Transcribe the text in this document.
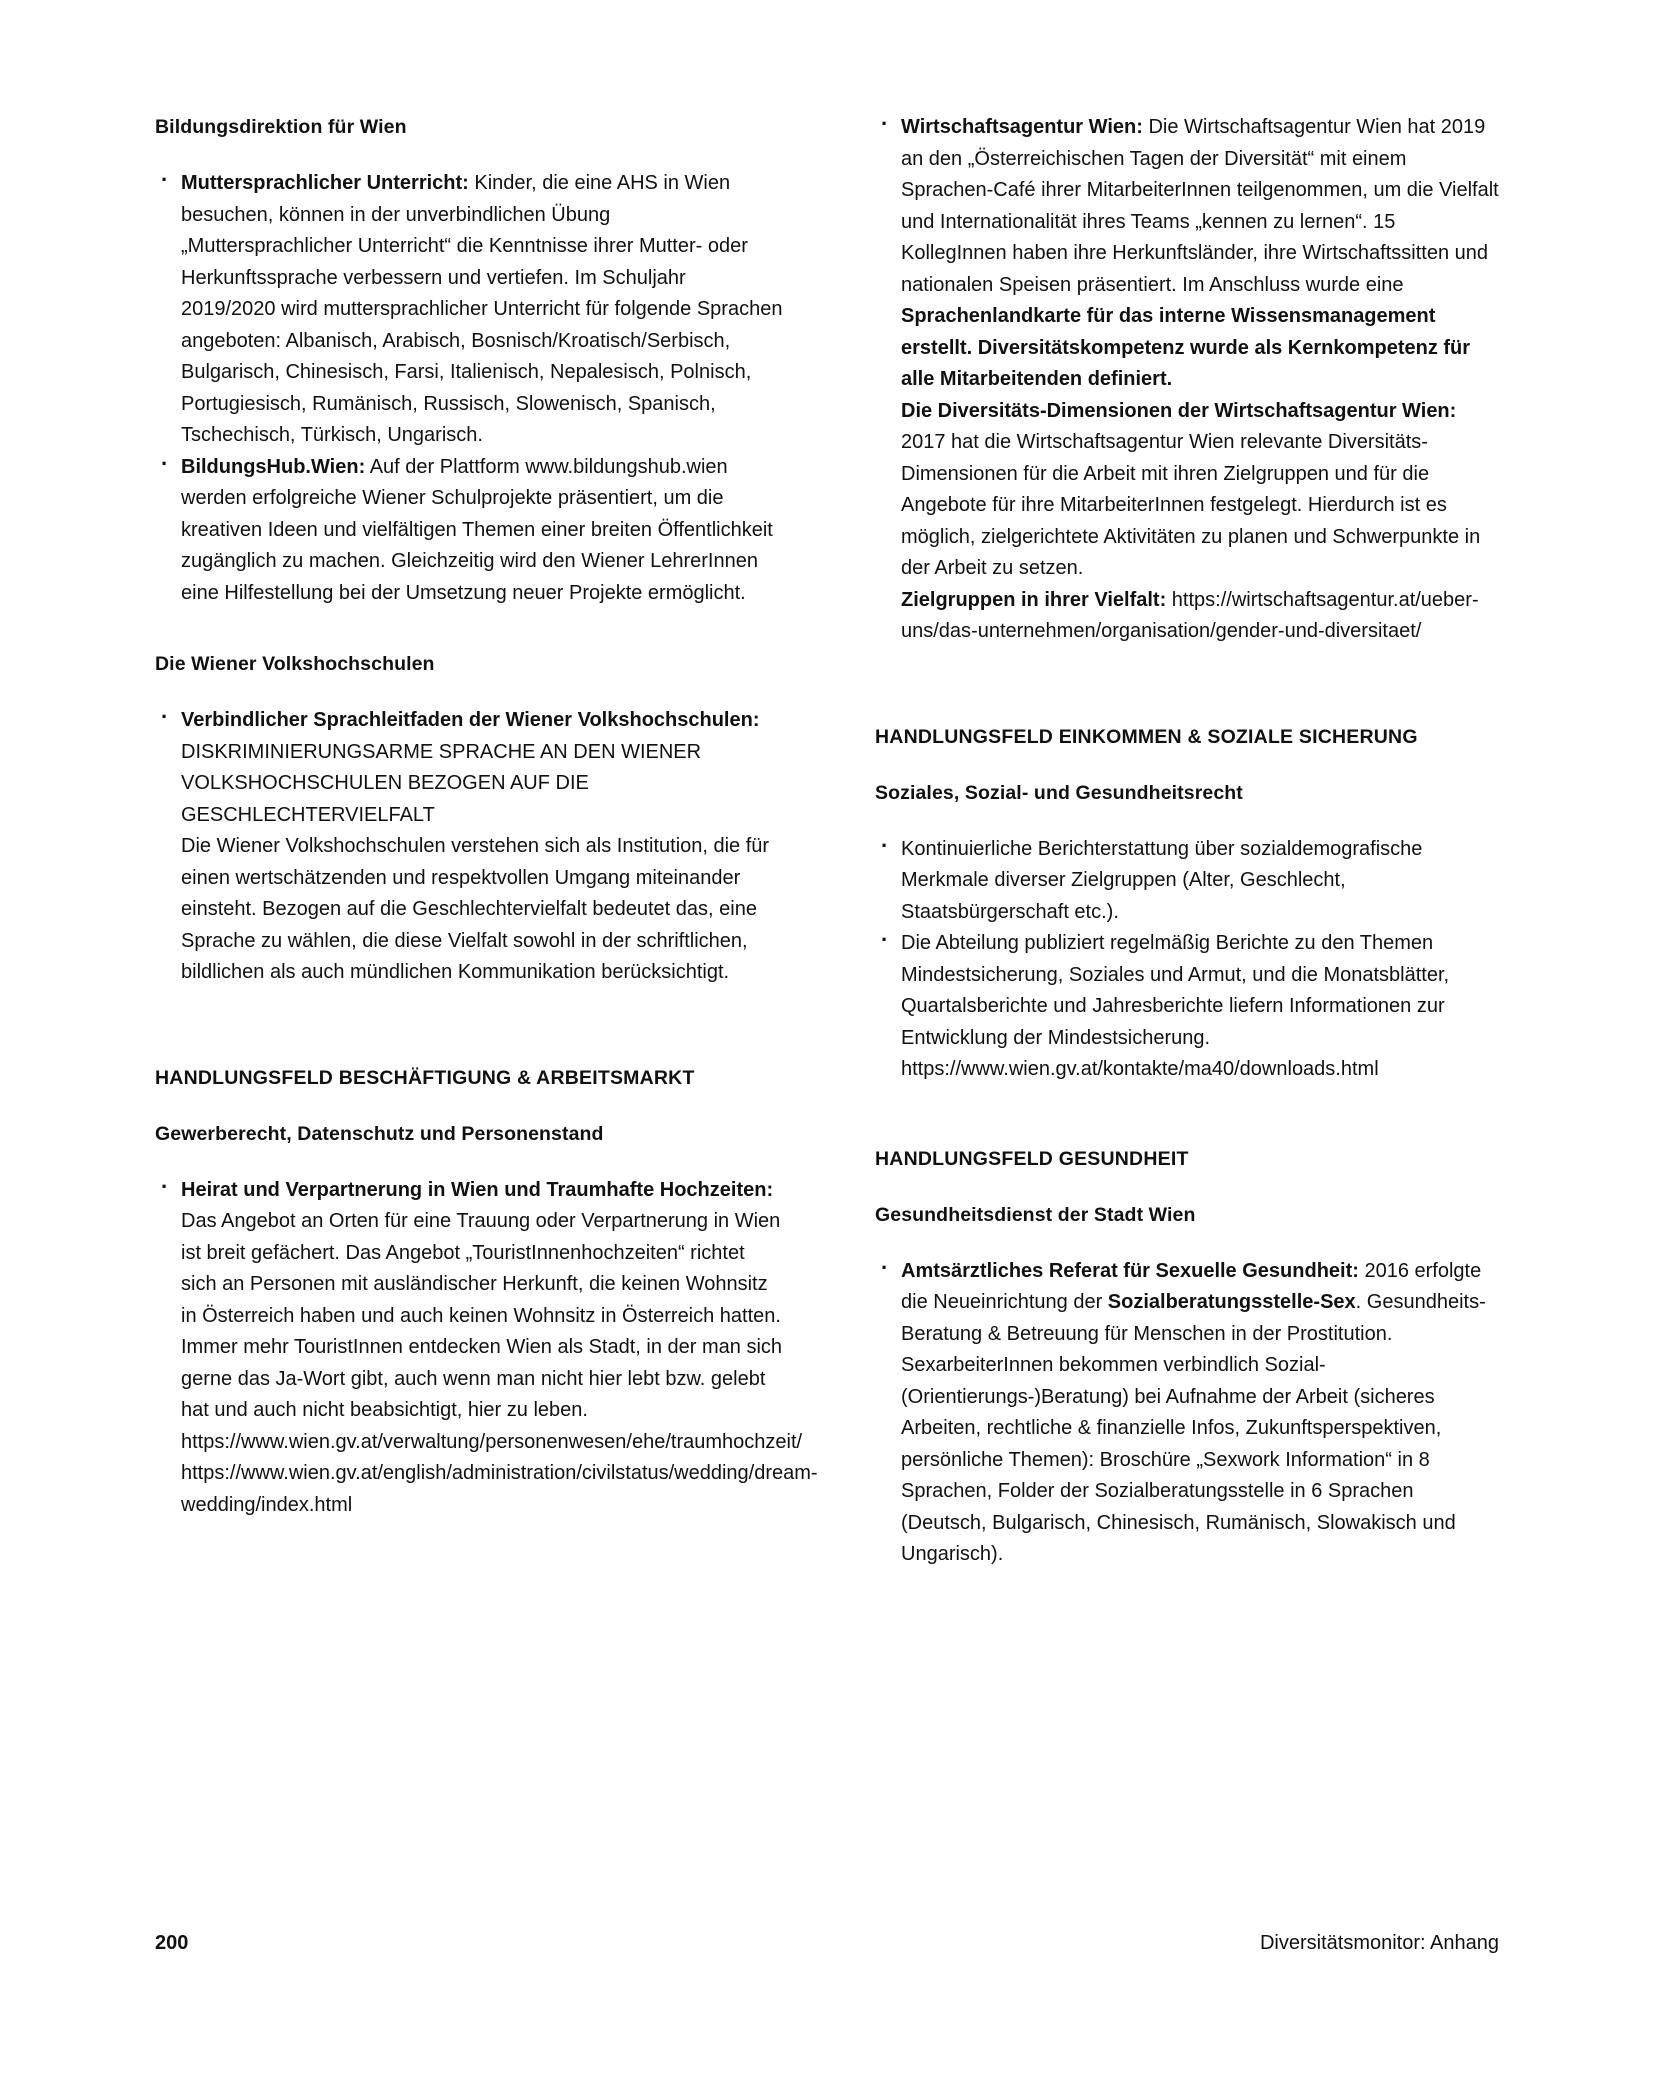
Bildungsdirektion für Wien
· Muttersprachlicher Unterricht: Kinder, die eine AHS in Wien besuchen, können in der unverbindlichen Übung „Muttersprachlicher Unterricht“ die Kenntnisse ihrer Mutter- oder Herkunftssprache verbessern und vertiefen. Im Schuljahr 2019/2020 wird muttersprachlicher Unterricht für folgende Sprachen angeboten: Albanisch, Arabisch, Bosnisch/Kroatisch/Serbisch, Bulgarisch, Chinesisch, Farsi, Italienisch, Nepalesisch, Polnisch, Portugiesisch, Rumänisch, Russisch, Slowenisch, Spanisch, Tschechisch, Türkisch, Ungarisch.
· BildungsHub.Wien: Auf der Plattform www.bildungshub.wien werden erfolgreiche Wiener Schulprojekte präsentiert, um die kreativen Ideen und vielfältigen Themen einer breiten Öffentlichkeit zugänglich zu machen. Gleichzeitig wird den Wiener LehrerInnen eine Hilfestellung bei der Umsetzung neuer Projekte ermöglicht.
Die Wiener Volkshochschulen
· Verbindlicher Sprachleitfaden der Wiener Volkshochschulen: DISKRIMINIERUNGSARME SPRACHE AN DEN WIENER VOLKSHOCHSCHULEN BEZOGEN AUF DIE GESCHLECHTERVIELFALT
Die Wiener Volkshochschulen verstehen sich als Institution, die für einen wertschätzenden und respektvollen Umgang miteinander einsteht. Bezogen auf die Geschlechtervielfalt bedeutet das, eine Sprache zu wählen, die diese Vielfalt sowohl in der schriftlichen, bildlichen als auch mündlichen Kommunikation berücksichtigt.
HANDLUNGSFELD BESCHÄFTIGUNG & ARBEITSMARKT
Gewerberecht, Datenschutz und Personenstand
· Heirat und Verpartnerung in Wien und Traumhafte Hochzeiten: Das Angebot an Orten für eine Trauung oder Verpartnerung in Wien ist breit gefächert. Das Angebot „TouristInnenhochzeiten“ richtet sich an Personen mit ausländischer Herkunft, die keinen Wohnsitz in Österreich haben und auch keinen Wohnsitz in Österreich hatten. Immer mehr TouristInnen entdecken Wien als Stadt, in der man sich gerne das Ja-Wort gibt, auch wenn man nicht hier lebt bzw. gelebt hat und auch nicht beabsichtigt, hier zu leben.
https://www.wien.gv.at/verwaltung/personenwesen/ehe/traumhochzeit/
https://www.wien.gv.at/english/administration/civilstatus/wedding/dream-wedding/index.html
· Wirtschaftsagentur Wien: Die Wirtschaftsagentur Wien hat 2019 an den „Österreichischen Tagen der Diversität“ mit einem Sprachen-Café ihrer MitarbeiterInnen teilgenommen, um die Vielfalt und Internationalität ihres Teams „kennen zu lernen“. 15 KollegInnen haben ihre Herkunftsländer, ihre Wirtschaftssitten und nationalen Speisen präsentiert. Im Anschluss wurde eine Sprachenlandkarte für das interne Wissensmanagement erstellt. Diversitätskompetenz wurde als Kernkompetenz für alle Mitarbeitenden definiert.
Die Diversitäts-Dimensionen der Wirtschaftsagentur Wien: 2017 hat die Wirtschaftsagentur Wien relevante Diversitäts-Dimensionen für die Arbeit mit ihren Zielgruppen und für die Angebote für ihre MitarbeiterInnen festgelegt. Hierdurch ist es möglich, zielgerichtete Aktivitäten zu planen und Schwerpunkte in der Arbeit zu setzen.
Zielgruppen in ihrer Vielfalt: https://wirtschaftsagentur.at/ueber-uns/das-unternehmen/organisation/gender-und-diversitaet/
HANDLUNGSFELD EINKOMMEN & SOZIALE SICHERUNG
Soziales, Sozial- und Gesundheitsrecht
· Kontinuierliche Berichterstattung über sozialdemografische Merkmale diverser Zielgruppen (Alter, Geschlecht, Staatsbürgerschaft etc.).
· Die Abteilung publiziert regelmäßig Berichte zu den Themen Mindestsicherung, Soziales und Armut, und die Monatsblätter, Quartalsberichte und Jahresberichte liefern Informationen zur Entwicklung der Mindestsicherung. https://www.wien.gv.at/kontakte/ma40/downloads.html
HANDLUNGSFELD GESUNDHEIT
Gesundheitsdienst der Stadt Wien
· Amtsärztliches Referat für Sexuelle Gesundheit: 2016 erfolgte die Neueinrichtung der Sozialberatungsstelle-Sex. Gesundheits-Beratung & Betreuung für Menschen in der Prostitution. SexarbeiterInnen bekommen verbindlich Sozial-(Orientierungs-)Beratung) bei Aufnahme der Arbeit (sicheres Arbeiten, rechtliche & finanzielle Infos, Zukunftsperspektiven, persönliche Themen): Broschüre „Sexwork Information“ in 8 Sprachen, Folder der Sozialberatungsstelle in 6 Sprachen (Deutsch, Bulgarisch, Chinesisch, Rumänisch, Slowakisch und Ungarisch).
200	Diversitätsmonitor: Anhang
